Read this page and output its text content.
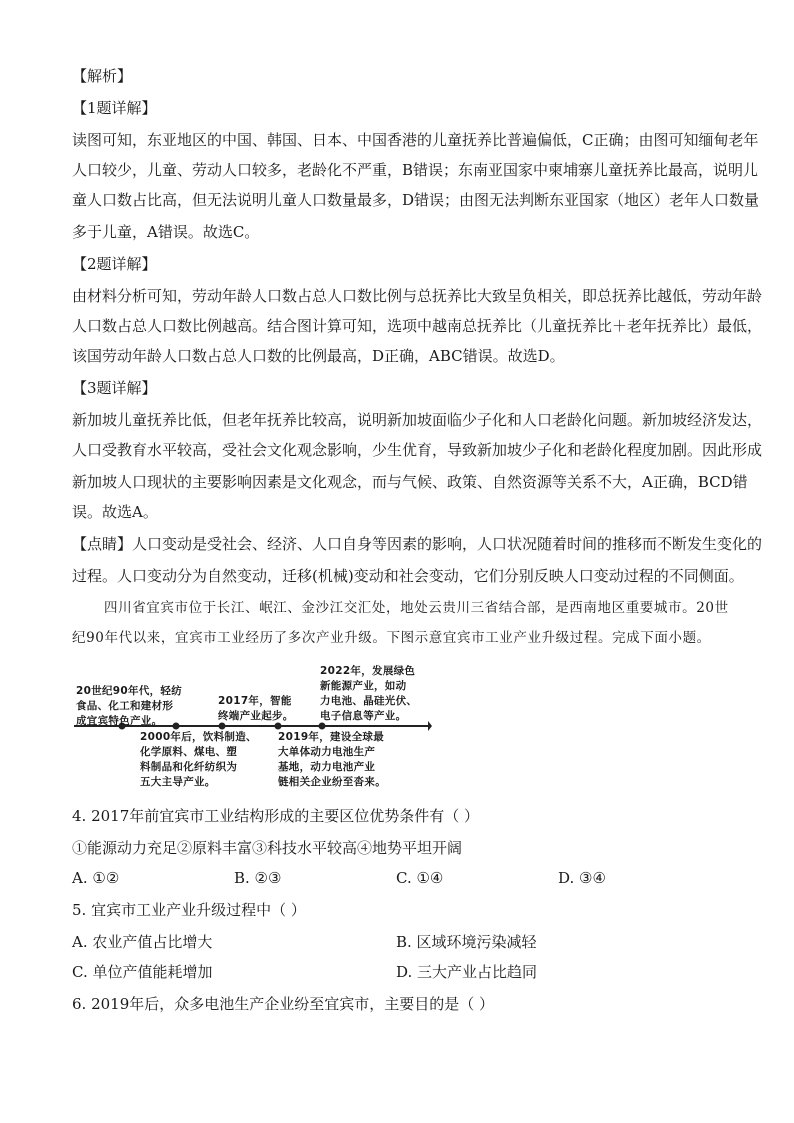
【解析】
【1题详解】
读图可知，东亚地区的中国、韩国、日本、中国香港的儿童抚养比普遍偏低，C正确；由图可知缅甸老年
人口较少，儿童、劳动人口较多，老龄化不严重，B错误；东南亚国家中柬埔寨儿童抚养比最高，说明儿
童人口数占比高，但无法说明儿童人口数量最多，D错误；由图无法判断东亚国家（地区）老年人口数量
多于儿童，A错误。故选C。
【2题详解】
由材料分析可知，劳动年龄人口数占总人口数比例与总抚养比大致呈负相关，即总抚养比越低，劳动年龄
人口数占总人口数比例越高。结合图计算可知，选项中越南总抚养比（儿童抚养比＋老年抚养比）最低，
该国劳动年龄人口数占总人口数的比例最高，D正确，ABC错误。故选D。
【3题详解】
新加坡儿童抚养比低，但老年抚养比较高，说明新加坡面临少子化和人口老龄化问题。新加坡经济发达，
人口受教育水平较高，受社会文化观念影响，少生优育，导致新加坡少子化和老龄化程度加剧。因此形成
新加坡人口现状的主要影响因素是文化观念，而与气候、政策、自然资源等关系不大，A正确，BCD错
误。故选A。
【点睛】人口变动是受社会、经济、人口自身等因素的影响，人口状况随着时间的推移而不断发生变化的
过程。人口变动分为自然变动，迁移(机械)变动和社会变动，它们分别反映人口变动过程的不同侧面。
四川省宜宾市位于长江、岷江、金沙江交汇处，地处云贵川三省结合部，是西南地区重要城市。20世
纪90年代以来，宜宾市工业经历了多次产业升级。下图示意宜宾市工业产业升级过程。完成下面小题。
20世纪90年代，轻纺
食品、化工和建材形
成宜宾特色产业。
2017年，智能
终端产业起步。
2022年，发展绿色
新能源产业，如动
力电池、晶硅光伏、
电子信息等产业。
2000年后，饮料制造、
化学原料、煤电、塑
料制品和化纤纺织为
五大主导产业。
2019年，建设全球最
大单体动力电池生产
基地，动力电池产业
链相关企业纷至沓来。
4. 2017年前宜宾市工业结构形成的主要区位优势条件有（ ）
①能源动力充足②原料丰富③科技水平较高④地势平坦开阔
A. ①②	B. ②③	C. ①④	D. ③④
5. 宜宾市工业产业升级过程中（ ）
A. 农业产值占比增大	B. 区域环境污染减轻
C. 单位产值能耗增加	D. 三大产业占比趋同
6. 2019年后，众多电池生产企业纷至宜宾市，主要目的是（ ）
